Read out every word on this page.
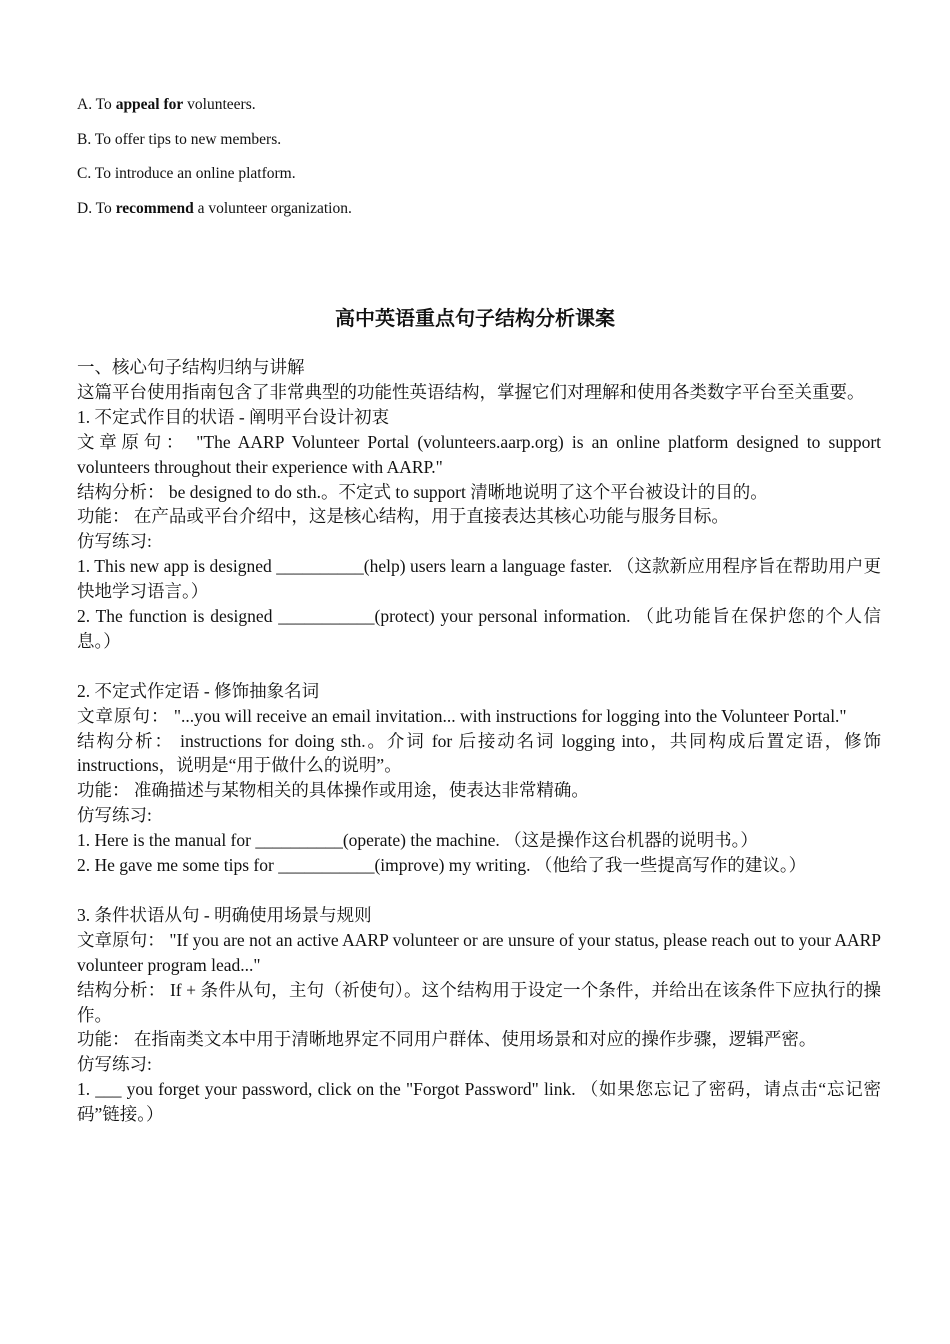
A. To appeal for volunteers.
B. To offer tips to new members.
C. To introduce an online platform.
D. To recommend a volunteer organization.
高中英语重点句子结构分析课案

一、核心句子结构归纳与讲解

这篇平台使用指南包含了非常典型的功能性英语结构，掌握它们对理解和使用各类数字平台至关重要。

1. 不定式作目的状语 - 阐明平台设计初衷

文章原句： "The AARP Volunteer Portal (volunteers.aarp.org) is an online platform designed to support volunteers throughout their experience with AARP."

结构分析： be designed to do sth.。不定式 to support 清晰地说明了这个平台被设计的目的。

功能： 在产品或平台介绍中，这是核心结构，用于直接表达其核心功能与服务目标。

仿写练习:

1. This new app is designed __________(help) users learn a language faster. （这款新应用程序旨在帮助用户更快地学习语言。）

2. The function is designed ___________(protect) your personal information. （此功能旨在保护您的个人信息。）

2. 不定式作定语 - 修饰抽象名词

文章原句： "...you will receive an email invitation... with instructions for logging into the Volunteer Portal."

结构分析： instructions for doing sth.。介词 for 后接动名词 logging into，共同构成后置定语，修饰 instructions，说明是“用于做什么的说明”。

功能： 准确描述与某物相关的具体操作或用途，使表达非常精确。

仿写练习:

1. Here is the manual for __________(operate) the machine. （这是操作这台机器的说明书。）

2. He gave me some tips for ___________(improve) my writing. （他给了我一些提高写作的建议。）

3. 条件状语从句 - 明确使用场景与规则

文章原句： "If you are not an active AARP volunteer or are unsure of your status, please reach out to your AARP volunteer program lead..."

结构分析： If + 条件从句，主句（祈使句）。这个结构用于设定一个条件，并给出在该条件下应执行的操作。

功能： 在指南类文本中用于清晰地界定不同用户群体、使用场景和对应的操作步骤，逻辑严密。

仿写练习:

1. ___ you forget your password, click on the "Forgot Password" link. （如果您忘记了密码，请点击“忘记密码”链接。）
